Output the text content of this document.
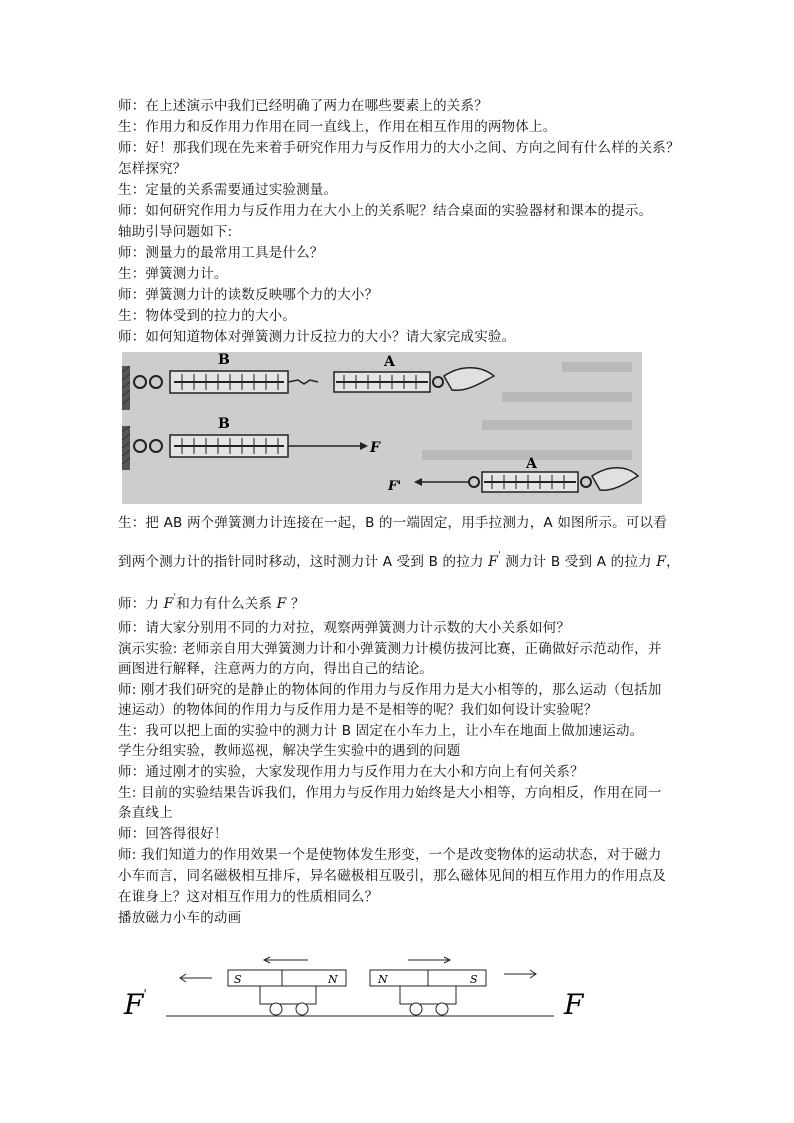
师：在上述演示中我们已经明确了两力在哪些要素上的关系？
生：作用力和反作用力作用在同一直线上，作用在相互作用的两物体上。
师：好！那我们现在先来着手研究作用力与反作用力的大小之间、方向之间有什么样的关系？
怎样探究？
生：定量的关系需要通过实验测量。
师：如何研究作用力与反作用力在大小上的关系呢？结合桌面的实验器材和课本的提示。
轴助引导问题如下:
师：测量力的最常用工具是什么？
生：弹簧测力计。
师：弹簧测力计的读数反映哪个力的大小？
生：物体受到的拉力的大小。
师：如何知道物体对弹簧测力计反拉力的大小？请大家完成实验。
B	A
B
F
F'
A
生：把 AB 两个弹簧测力计连接在一起，B 的一端固定，用手拉测力，A 如图所示。可以看
到两个测力计的指针同时移动，这时测力计 A 受到 B 的拉力 F' 测力计 B 受到 A 的拉力 F，
师：力 F'和力有什么关系 F ？
师：请大家分别用不同的力对拉，观察两弹簧测力计示数的大小关系如何？
演示实验: 老师亲自用大弹簧测力计和小弹簧测力计模仿拔河比赛，正确做好示范动作，并
画图进行解释，注意两力的方向，得出自己的结论。
师: 刚才我们研究的是静止的物体间的作用力与反作用力是大小相等的，那么运动（包括加
速运动）的物体间的作用力与反作用力是不是相等的呢？我们如何设计实验呢？
生：我可以把上面的实验中的测力计 B 固定在小车力上，让小车在地面上做加速运动。
学生分组实验，教师巡视，解决学生实验中的遇到的问题
师：通过刚才的实验，大家发现作用力与反作用力在大小和方向上有何关系？
生: 目前的实验结果告诉我们，作用力与反作用力始终是大小相等，方向相反，作用在同一
条直线上
师：回答得很好！
师: 我们知道力的作用效果一个是使物体发生形变，一个是改变物体的运动状态，对于磁力
小车而言，同名磁极相互排斥，异名磁极相互吸引，那么磁体见间的相互作用力的作用点及
在谁身上？这对相互作用力的性质相同么？
播放磁力小车的动画
F'
S	N	N	S
F
